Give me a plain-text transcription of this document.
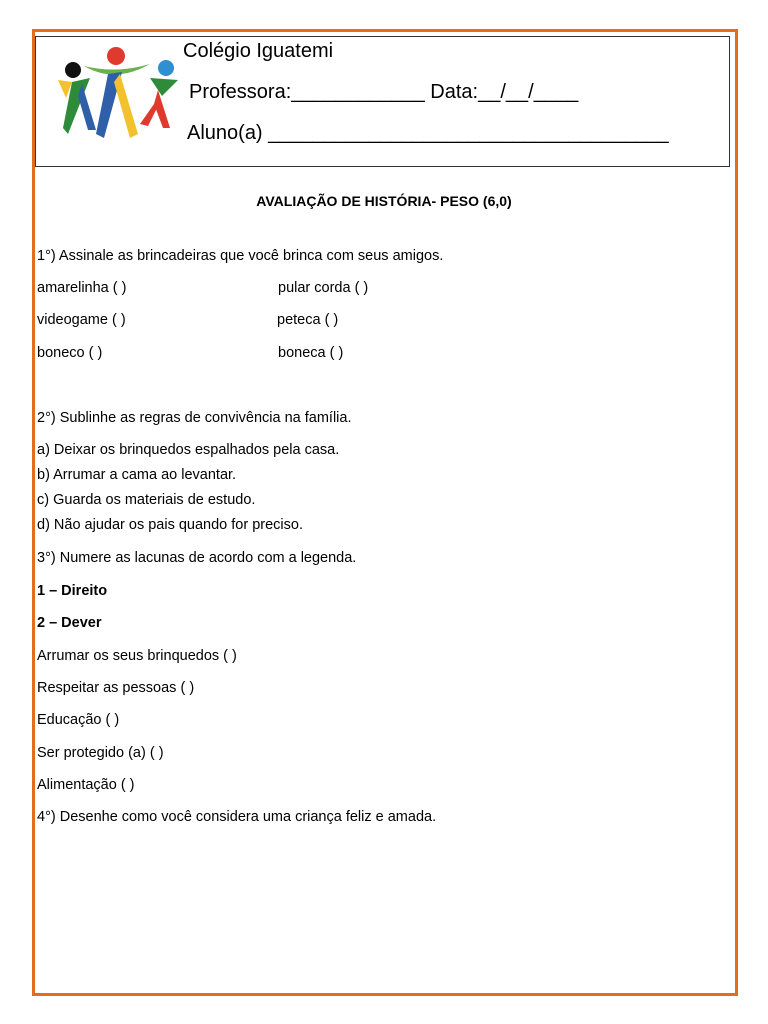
Colégio Iguatemi
Professora:____________ Data:__/__/____
Aluno(a) ____________________________________
AVALIAÇÃO DE HISTÓRIA- PESO (6,0)
1°) Assinale as brincadeiras que você brinca com seus amigos.
amarelinha ( )	pular corda ( )
videogame ( )	peteca ( )
boneco ( )	boneca ( )
2°) Sublinhe as regras de convivência na família.
a) Deixar os brinquedos espalhados pela casa.
b) Arrumar a cama ao levantar.
c) Guarda os materiais de estudo.
d) Não ajudar os pais quando for preciso.
3°) Numere as lacunas de acordo com a legenda.
1 – Direito
2 – Dever
Arrumar os seus brinquedos ( )
Respeitar as pessoas ( )
Educação ( )
Ser protegido (a) ( )
Alimentação ( )
4°) Desenhe como você considera uma criança feliz e amada.
